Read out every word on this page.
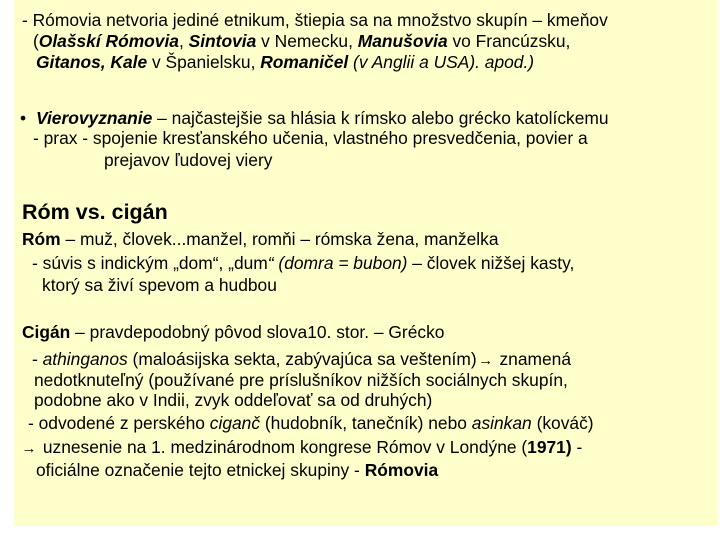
- Rómovia netvoria jediné etnikum, štiepia sa na množstvo skupín – kmeňov
(Olašskí Rómovia, Sintovia v Nemecku, Manušovia vo Francúzsku,
Gitanos, Kale v Španielsku, Romaničel (v Anglii a USA). apod.)
• Vierovyznanie – najčastejšie sa hlásia k rímsko alebo grécko katolíckemu
- prax - spojenie kresťanského učenia, vlastného presvedčenia, povier a
prejavov ľudovej viery
Róm vs. cigán
Róm – muž, človek...manžel, romňi – rómska žena, manželka
- súvis s indickým „dom“, „dum“ (domra = bubon) – človek nižšej kasty,
ktorý sa živí spevom a hudbou
Cigán – pravdepodobný pôvod slova10. stor. – Grécko
- athinganos (maloásijska sekta, zabývajúca sa veštením) → znamená
nedotknuteľný (používané pre príslušníkov nižších sociálnych skupín,
podobne ako v Indii, zvyk oddeľovať sa od druhých)
- odvodené z perského ciganč (hudobník, tanečník) nebo asinkan (kováč)
→ uznesenie na 1. medzinárodnom kongrese Rómov v Londýne (1971) -
oficiálne označenie tejto etnickej skupiny - Rómovia
